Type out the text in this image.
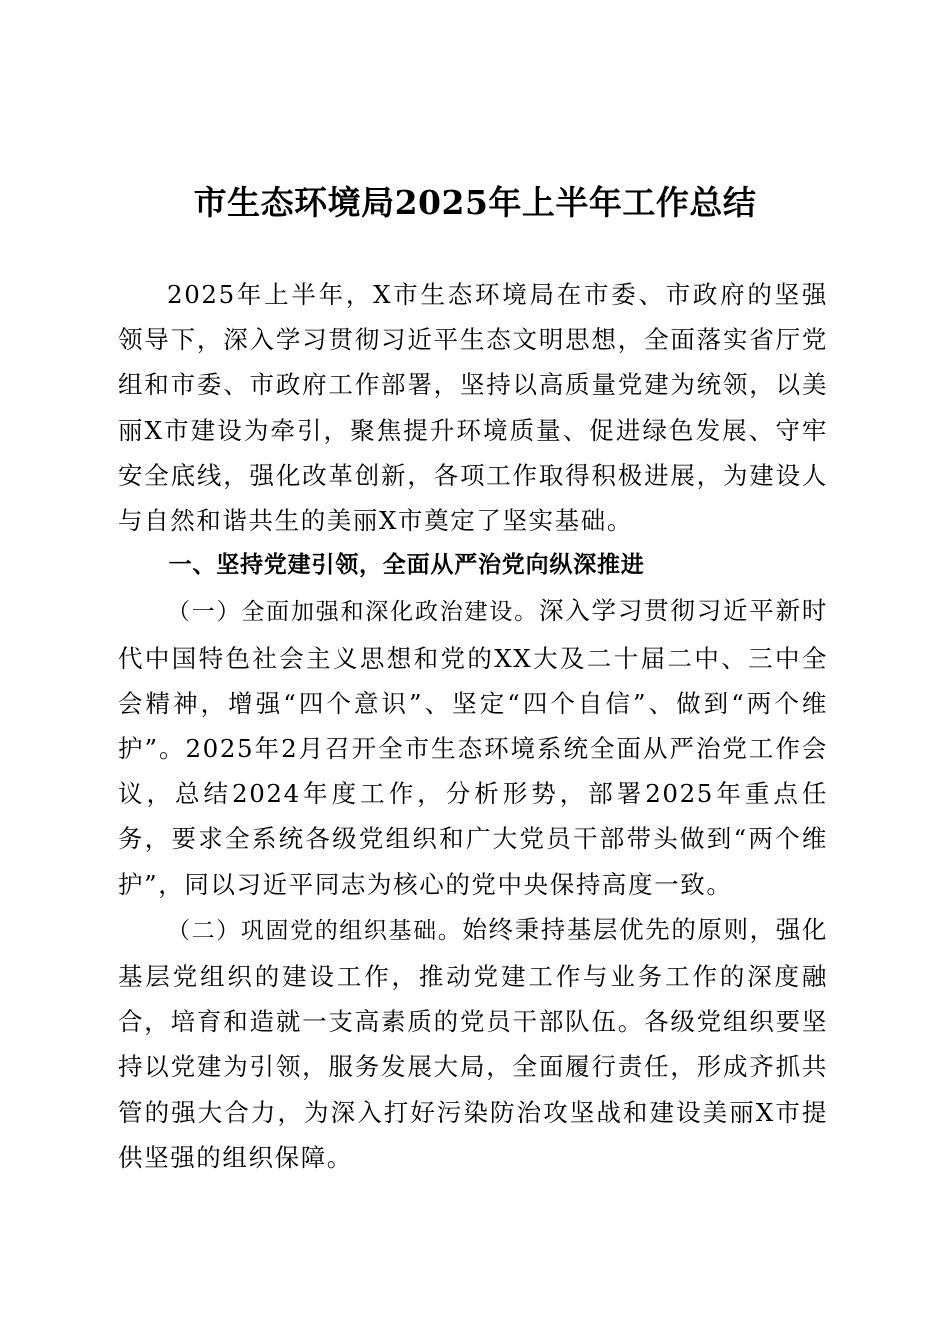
市生态环境局2025年上半年工作总结

2025年上半年，X市生态环境局在市委、市政府的坚强领导下，深入学习贯彻习近平生态文明思想，全面落实省厅党组和市委、市政府工作部署，坚持以高质量党建为统领，以美丽X市建设为牵引，聚焦提升环境质量、促进绿色发展、守牢安全底线，强化改革创新，各项工作取得积极进展，为建设人与自然和谐共生的美丽X市奠定了坚实基础。

一、坚持党建引领，全面从严治党向纵深推进

（一）全面加强和深化政治建设。深入学习贯彻习近平新时代中国特色社会主义思想和党的XX大及二十届二中、三中全会精神，增强“四个意识”、坚定“四个自信”、做到“两个维护”。2025年2月召开全市生态环境系统全面从严治党工作会议，总结2024年度工作，分析形势，部署2025年重点任务，要求全系统各级党组织和广大党员干部带头做到“两个维护”，同以习近平同志为核心的党中央保持高度一致。

（二）巩固党的组织基础。始终秉持基层优先的原则，强化基层党组织的建设工作，推动党建工作与业务工作的深度融合，培育和造就一支高素质的党员干部队伍。各级党组织要坚持以党建为引领，服务发展大局，全面履行责任，形成齐抓共管的强大合力，为深入打好污染防治攻坚战和建设美丽X市提供坚强的组织保障。
